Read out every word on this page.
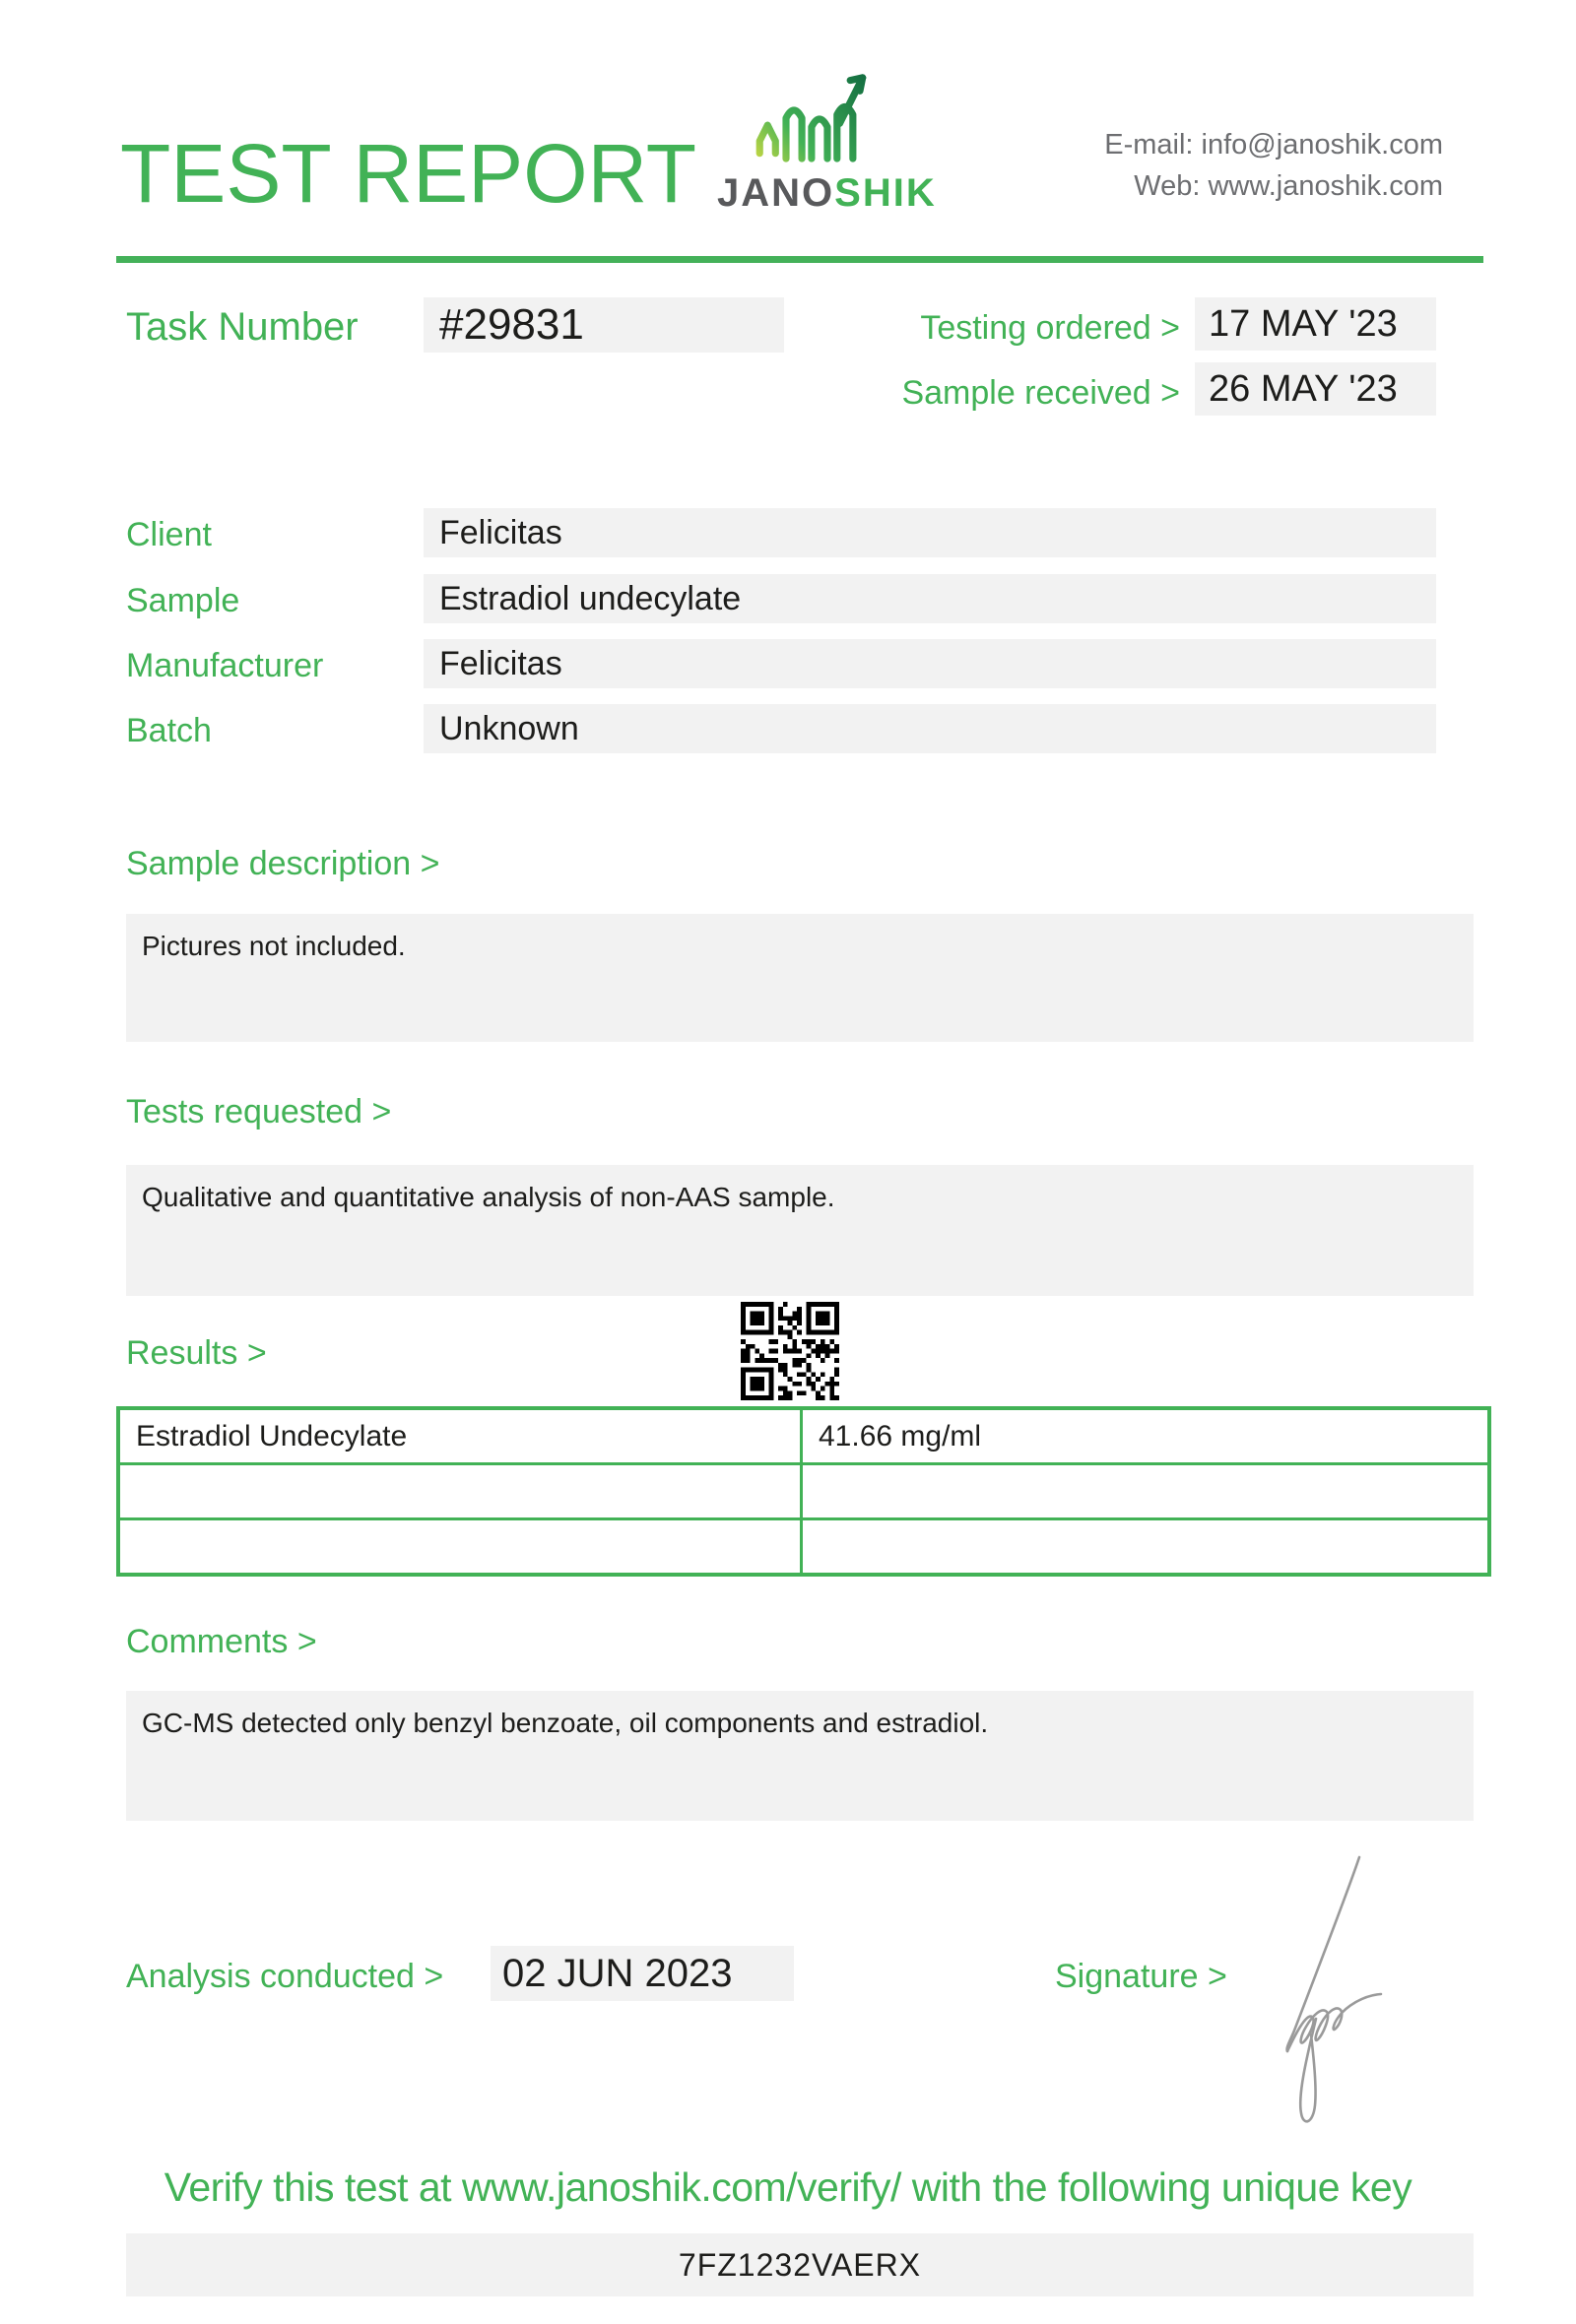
TEST REPORT JANOSHIK
E-mail: info@janoshik.com
Web: www.janoshik.com
Task Number	#29831	Testing ordered > 17 MAY '23
Sample received > 26 MAY '23
Client	Felicitas
Sample	Estradiol undecylate
Manufacturer	Felicitas
Batch	Unknown
Sample description >

Pictures not included.

Tests requested >

Qualitative and quantitative analysis of non-AAS sample.

Results >
Estradiol Undecylate	41.66 mg/ml
Comments >

GC-MS detected only benzyl benzoate, oil components and estradiol.

Analysis conducted >	02 JUN 2023	Signature >
Verify this test at www.janoshik.com/verify/ with the following unique key
7FZ1232VAERX
